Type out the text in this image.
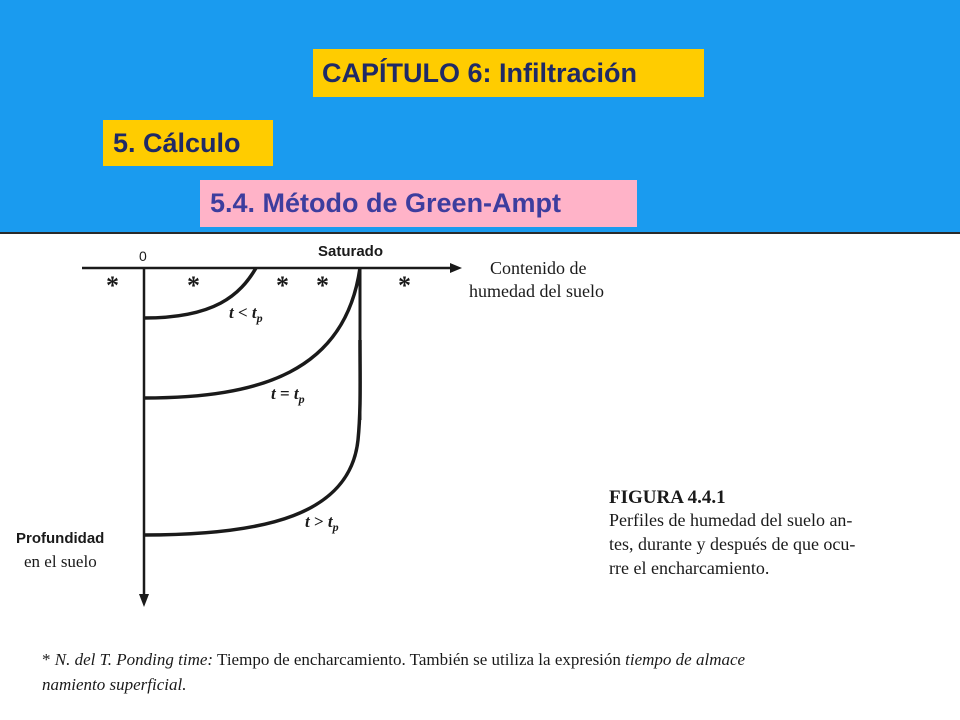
CAPÍTULO 6: Infiltración
5. Cálculo
5.4. Método de Green-Ampt
0	Saturado
Contenido de
humedad del suelo
Profundidad
en el suelo
*	*	* *	*
$t < t_p$
$t = t_p$
$t > t_p$
FIGURA 4.4.1
Perfiles de humedad del suelo an-
tes, durante y después de que ocu-
rre el encharcamiento.
* N. del T. Ponding time: Tiempo de encharcamiento. También se utiliza la expresión tiempo de almace
namiento superficial.
